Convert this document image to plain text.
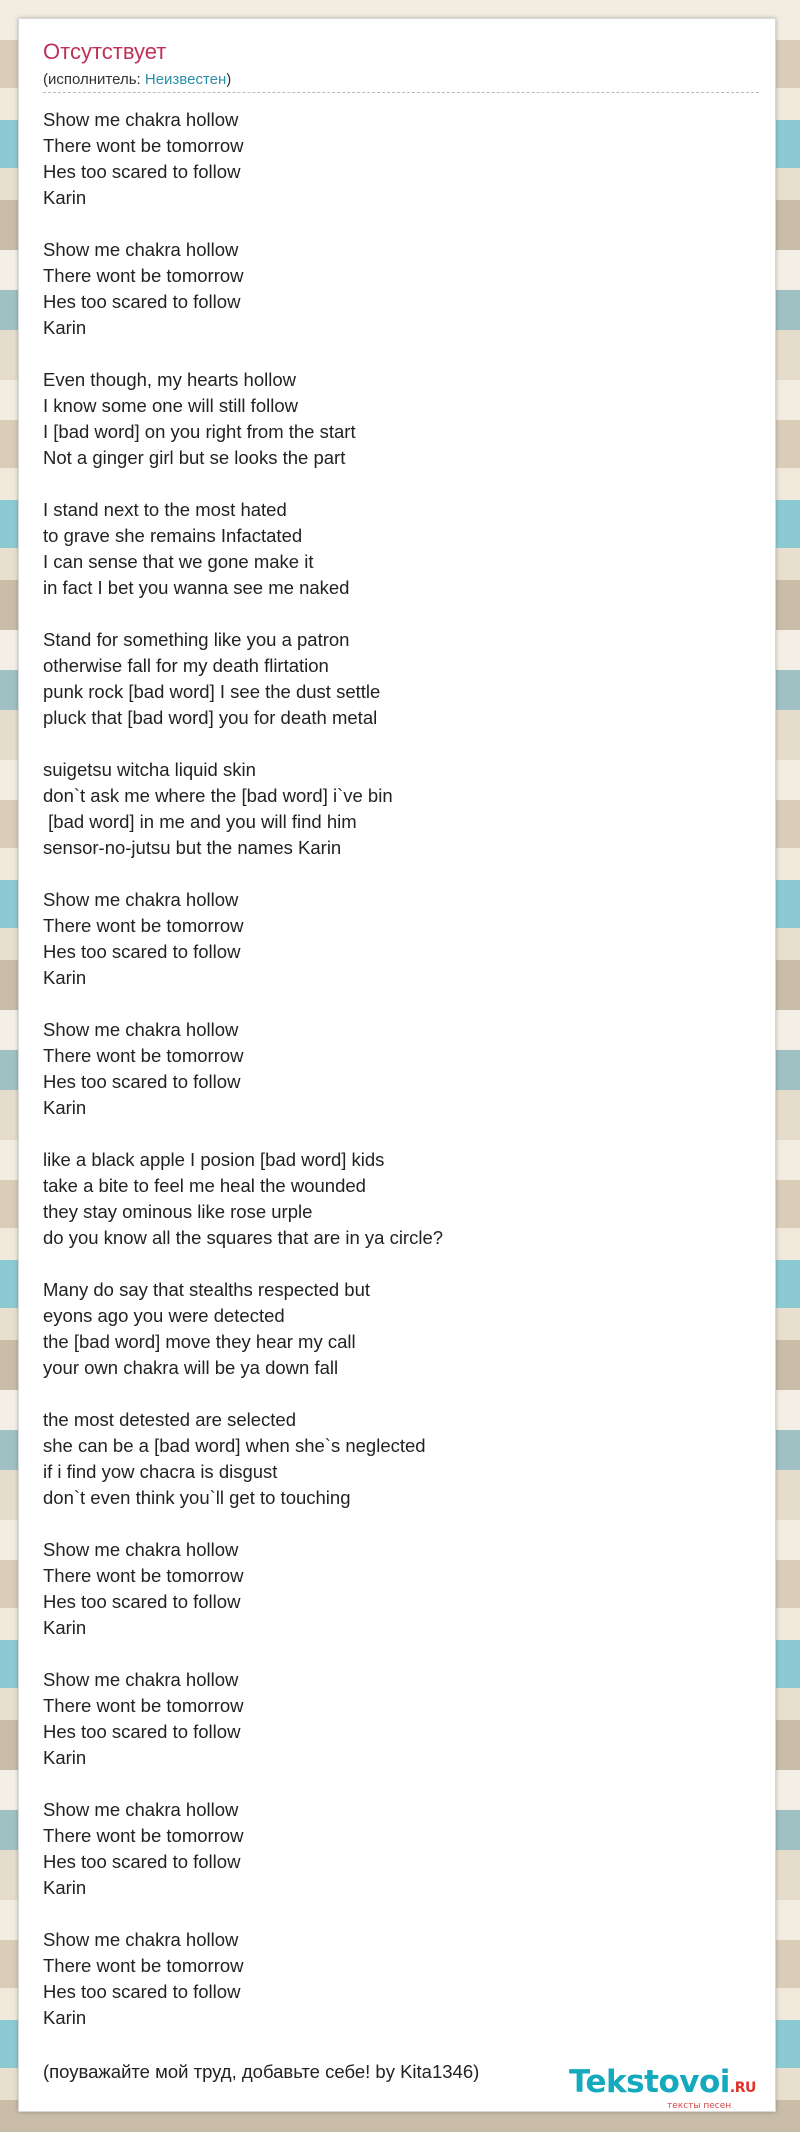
Отсутствует
(исполнитель: Неизвестен)
Show me chakra hollow
There wont be tomorrow
Hes too scared to follow
Karin
Show me chakra hollow
There wont be tomorrow
Hes too scared to follow
Karin
Even though, my hearts hollow
I know some one will still follow
I [bad word] on you right from the start
Not a ginger girl but se looks the part
I stand next to the most hated
to grave she remains Infactated
I can sense that we gone make it
in fact I bet you wanna see me naked
Stand for something like you a patron
otherwise fall for my death flirtation
punk rock [bad word] I see the dust settle
pluck that [bad word] you for death metal
suigetsu witcha liquid skin
don`t ask me where the [bad word] i`ve bin
[bad word] in me and you will find him
sensor-no-jutsu but the names Karin
Show me chakra hollow
There wont be tomorrow
Hes too scared to follow
Karin
Show me chakra hollow
There wont be tomorrow
Hes too scared to follow
Karin
like a black apple I posion [bad word] kids
take a bite to feel me heal the wounded
they stay ominous like rose urple
do you know all the squares that are in ya circle?
Many do say that stealths respected but
eyons ago you were detected
the [bad word] move they hear my call
your own chakra will be ya down fall
the most detested are selected
she can be a [bad word] when she`s neglected
if i find yow chacra is disgust
don`t even think you`ll get to touching
Show me chakra hollow
There wont be tomorrow
Hes too scared to follow
Karin
Show me chakra hollow
There wont be tomorrow
Hes too scared to follow
Karin
Show me chakra hollow
There wont be tomorrow
Hes too scared to follow
Karin
Show me chakra hollow
There wont be tomorrow
Hes too scared to follow
Karin
(поуважайте мой труд, добавьте себе! by Kita1346)	Tekstovoi.RU
тексты песен
